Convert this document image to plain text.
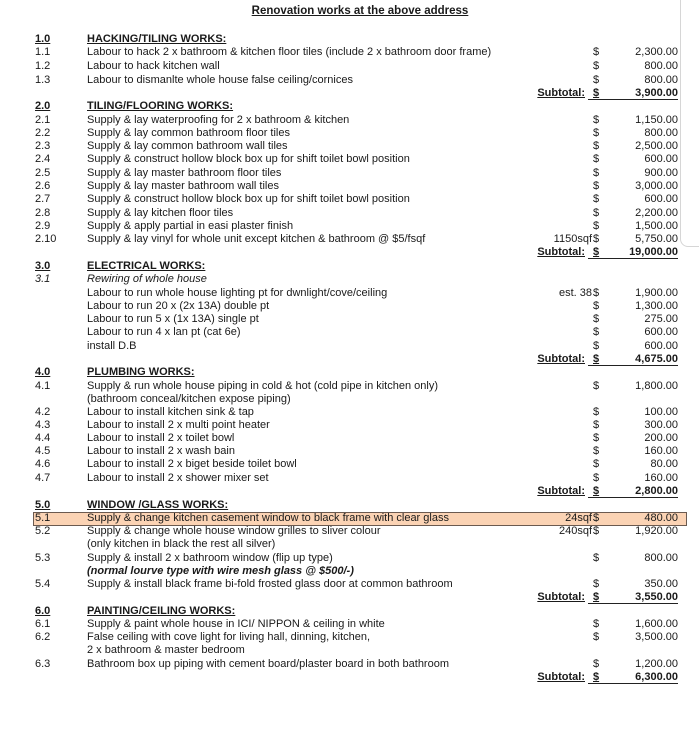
Renovation works at the above address
1.0	HACKING/TILING WORKS:
1.1	Labour to hack 2 x bathroom & kitchen floor tiles (include 2 x bathroom door frame)	$	2,300.00
1.2	Labour to hack kitchen wall	$	800.00
1.3	Labour to dismanlte whole house false ceiling/cornices	$	800.00
Subtotal: $	3,900.00
2.0	TILING/FLOORING WORKS:
2.1	Supply & lay waterproofing for 2 x bathroom & kitchen	$	1,150.00
2.2	Supply & lay common bathroom floor tiles	$	800.00
2.3	Supply & lay common bathroom wall tiles	$	2,500.00
2.4	Supply & construct hollow block box up for shift toilet bowl position	$	600.00
2.5	Supply & lay master bathroom floor tiles	$	900.00
2.6	Supply & lay master bathroom wall tiles	$	3,000.00
2.7	Supply & construct hollow block box up for shift toilet bowl position	$	600.00
2.8	Supply & lay kitchen floor tiles	$	2,200.00
2.9	Supply & apply partial in easi plaster finish	$	1,500.00
2.10	Supply & lay vinyl for whole unit except kitchen & bathroom @ $5/fsqf	1150sqf $	5,750.00
Subtotal: $	19,000.00
3.0	ELECTRICAL WORKS:
3.1	Rewiring of whole house
Labour to run whole house lighting pt for dwnlight/cove/ceiling	est. 38 $	1,900.00
Labour to run 20 x (2x 13A) double pt	$	1,300.00
Labour to run 5 x (1x 13A) single pt	$	275.00
Labour to run 4 x lan pt (cat 6e)	$	600.00
install D.B	$	600.00
Subtotal: $	4,675.00
4.0	PLUMBING WORKS:
4.1	Supply & run whole house piping in cold & hot (cold pipe in kitchen only)	$	1,800.00
(bathroom conceal/kitchen expose piping)
4.2	Labour to install kitchen sink & tap	$	100.00
4.3	Labour to install 2 x multi point heater	$	300.00
4.4	Labour to install 2 x toilet bowl	$	200.00
4.5	Labour to install 2 x wash bain	$	160.00
4.6	Labour to install 2 x biget beside toilet bowl	$	80.00
4.7	Labour to install 2 x shower mixer set	$	160.00
Subtotal: $	2,800.00
5.0	WINDOW /GLASS WORKS:
5.1	Supply & change kitchen casement window to black frame with clear glass	24sqf $	480.00
5.2	Supply & change whole house window grilles to sliver colour	240sqf $	1,920.00
(only kitchen in black the rest all silver)
5.3	Supply & install 2 x bathroom window (flip up type)	$	800.00
(normal lourve type with wire mesh glass @ $500/-)
5.4	Supply & install black frame bi-fold frosted glass door at common bathroom	$	350.00
Subtotal: $	3,550.00
6.0	PAINTING/CEILING WORKS:
6.1	Supply & paint whole house in ICI/ NIPPON & ceiling in white	$	1,600.00
6.2	False ceiling with cove light for living hall, dinning, kitchen,	$	3,500.00
2 x bathroom & master bedroom
6.3	Bathroom box up piping with cement board/plaster board in both bathroom	$	1,200.00
Subtotal: $	6,300.00
